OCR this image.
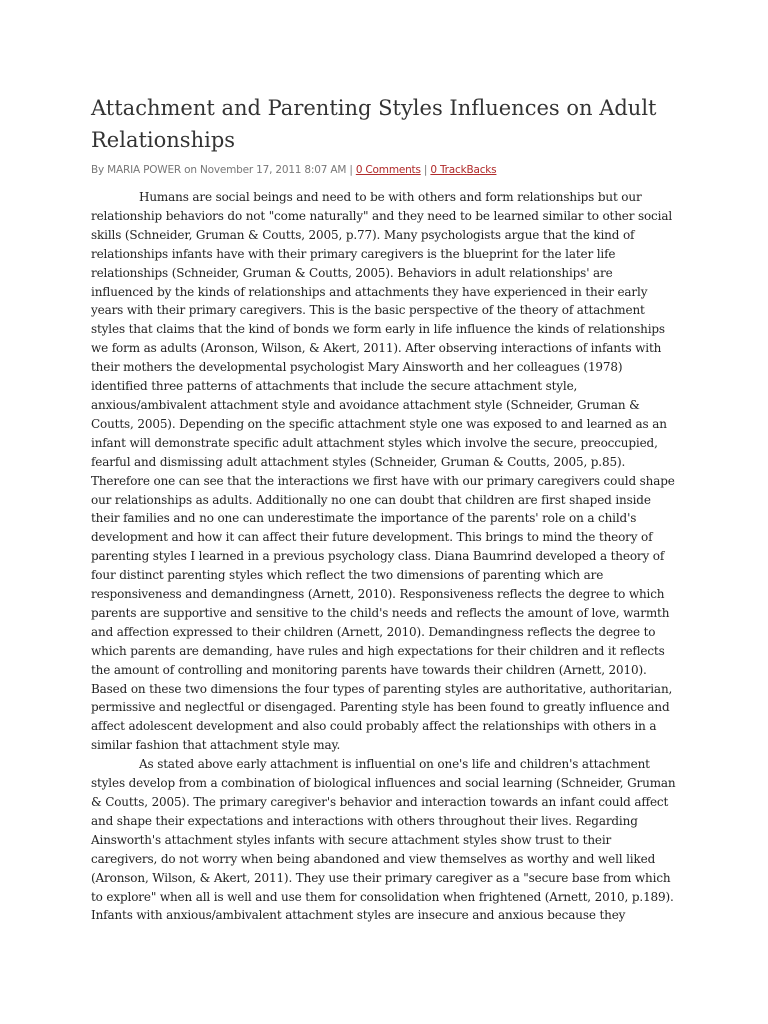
Attachment and Parenting Styles Influences on Adult Relationships
By MARIA POWER on November 17, 2011 8:07 AM | 0 Comments | 0 TrackBacks

Humans are social beings and need to be with others and form relationships but our relationship behaviors do not "come naturally" and they need to be learned similar to other social skills (Schneider, Gruman & Coutts, 2005, p.77). Many psychologists argue that the kind of relationships infants have with their primary caregivers is the blueprint for the later life relationships (Schneider, Gruman & Coutts, 2005). Behaviors in adult relationships' are influenced by the kinds of relationships and attachments they have experienced in their early years with their primary caregivers. This is the basic perspective of the theory of attachment styles that claims that the kind of bonds we form early in life influence the kinds of relationships we form as adults (Aronson, Wilson, & Akert, 2011). After observing interactions of infants with their mothers the developmental psychologist Mary Ainsworth and her colleagues (1978) identified three patterns of attachments that include the secure attachment style, anxious/ambivalent attachment style and avoidance attachment style (Schneider, Gruman & Coutts, 2005). Depending on the specific attachment style one was exposed to and learned as an infant will demonstrate specific adult attachment styles which involve the secure, preoccupied, fearful and dismissing adult attachment styles (Schneider, Gruman & Coutts, 2005, p.85). Therefore one can see that the interactions we first have with our primary caregivers could shape our relationships as adults. Additionally no one can doubt that children are first shaped inside their families and no one can underestimate the importance of the parents' role on a child's development and how it can affect their future development. This brings to mind the theory of parenting styles I learned in a previous psychology class. Diana Baumrind developed a theory of four distinct parenting styles which reflect the two dimensions of parenting which are responsiveness and demandingness (Arnett, 2010). Responsiveness reflects the degree to which parents are supportive and sensitive to the child's needs and reflects the amount of love, warmth and affection expressed to their children (Arnett, 2010). Demandingness reflects the degree to which parents are demanding, have rules and high expectations for their children and it reflects the amount of controlling and monitoring parents have towards their children (Arnett, 2010). Based on these two dimensions the four types of parenting styles are authoritative, authoritarian, permissive and neglectful or disengaged. Parenting style has been found to greatly influence and affect adolescent development and also could probably affect the relationships with others in a similar fashion that attachment style may.

As stated above early attachment is influential on one's life and children's attachment styles develop from a combination of biological influences and social learning (Schneider, Gruman & Coutts, 2005). The primary caregiver's behavior and interaction towards an infant could affect and shape their expectations and interactions with others throughout their lives. Regarding Ainsworth's attachment styles infants with secure attachment styles show trust to their caregivers, do not worry when being abandoned and view themselves as worthy and well liked (Aronson, Wilson, & Akert, 2011). They use their primary caregiver as a "secure base from which to explore" when all is well and use them for consolidation when frightened (Arnett, 2010, p.189). Infants with anxious/ambivalent attachment styles are insecure and anxious because they
